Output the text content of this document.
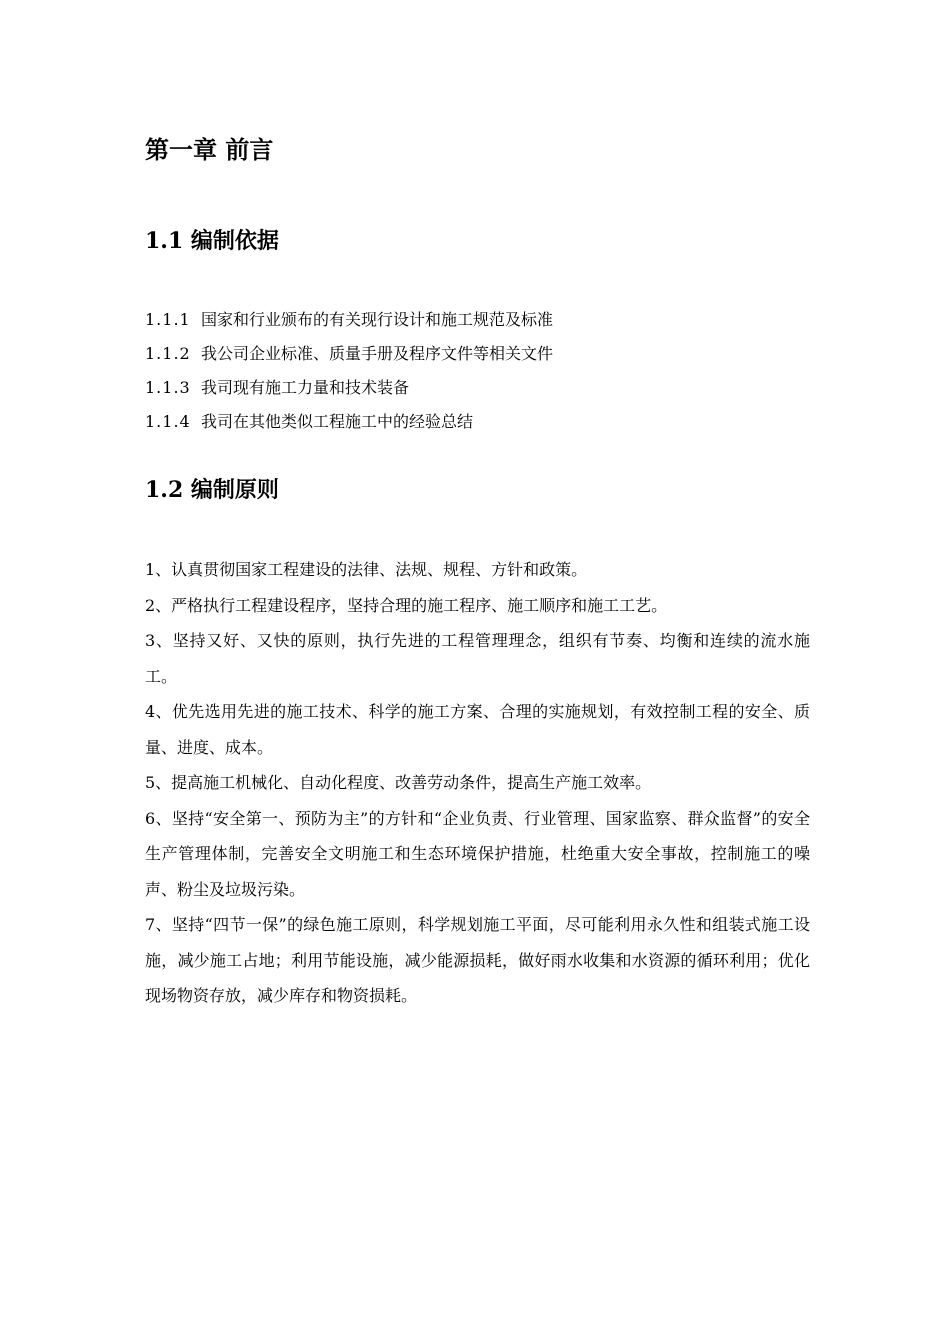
第一章 前言
1.1 编制依据
1.1.1 国家和行业颁布的有关现行设计和施工规范及标准
1.1.2 我公司企业标准、质量手册及程序文件等相关文件
1.1.3 我司现有施工力量和技术装备
1.1.4 我司在其他类似工程施工中的经验总结
1.2 编制原则
1、认真贯彻国家工程建设的法律、法规、规程、方针和政策。
2、严格执行工程建设程序，坚持合理的施工程序、施工顺序和施工工艺。
3、坚持又好、又快的原则，执行先进的工程管理理念，组织有节奏、均衡和连续的流水施工。
4、优先选用先进的施工技术、科学的施工方案、合理的实施规划，有效控制工程的安全、质量、进度、成本。
5、提高施工机械化、自动化程度、改善劳动条件，提高生产施工效率。
6、坚持“安全第一、预防为主”的方针和“企业负责、行业管理、国家监察、群众监督”的安全生产管理体制，完善安全文明施工和生态环境保护措施，杜绝重大安全事故，控制施工的噪声、粉尘及垃圾污染。
7、坚持“四节一保”的绿色施工原则，科学规划施工平面，尽可能利用永久性和组装式施工设施，减少施工占地；利用节能设施，减少能源损耗，做好雨水收集和水资源的循环利用；优化现场物资存放，减少库存和物资损耗。
